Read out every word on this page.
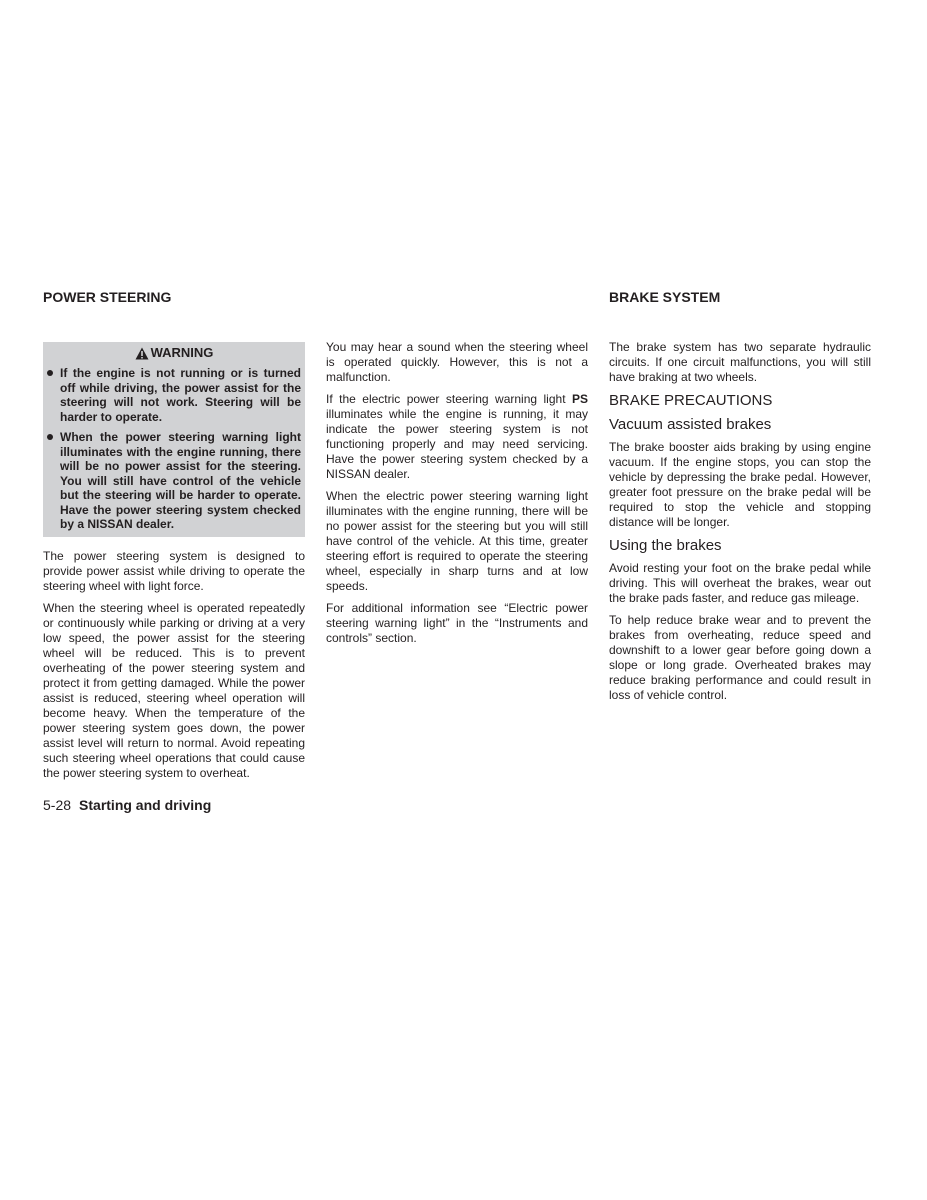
POWER STEERING	BRAKE SYSTEM
WARNING
If the engine is not running or is turned off while driving, the power assist for the steering will not work. Steering will be harder to operate.
When the power steering warning light illuminates with the engine running, there will be no power assist for the steering. You will still have control of the vehicle but the steering will be harder to operate. Have the power steering system checked by a NISSAN dealer.

The power steering system is designed to provide power assist while driving to operate the steering wheel with light force.

When the steering wheel is operated repeatedly or continuously while parking or driving at a very low speed, the power assist for the steering wheel will be reduced. This is to prevent overheating of the power steering system and protect it from getting damaged. While the power assist is reduced, steering wheel operation will become heavy. When the temperature of the power steering system goes down, the power assist level will return to normal. Avoid repeating such steering wheel operations that could cause the power steering system to overheat.

You may hear a sound when the steering wheel is operated quickly. However, this is not a malfunction.

If the electric power steering warning light PS illuminates while the engine is running, it may indicate the power steering system is not functioning properly and may need servicing. Have the power steering system checked by a NISSAN dealer.

When the electric power steering warning light illuminates with the engine running, there will be no power assist for the steering but you will still have control of the vehicle. At this time, greater steering effort is required to operate the steering wheel, especially in sharp turns and at low speeds.

For additional information see “Electric power steering warning light” in the “Instruments and controls” section.

The brake system has two separate hydraulic circuits. If one circuit malfunctions, you will still have braking at two wheels.

BRAKE PRECAUTIONS
Vacuum assisted brakes

The brake booster aids braking by using engine vacuum. If the engine stops, you can stop the vehicle by depressing the brake pedal. However, greater foot pressure on the brake pedal will be required to stop the vehicle and stopping distance will be longer.

Using the brakes

Avoid resting your foot on the brake pedal while driving. This will overheat the brakes, wear out the brake pads faster, and reduce gas mileage.

To help reduce brake wear and to prevent the brakes from overheating, reduce speed and downshift to a lower gear before going down a slope or long grade. Overheated brakes may reduce braking performance and could result in loss of vehicle control.

5-28 Starting and driving
